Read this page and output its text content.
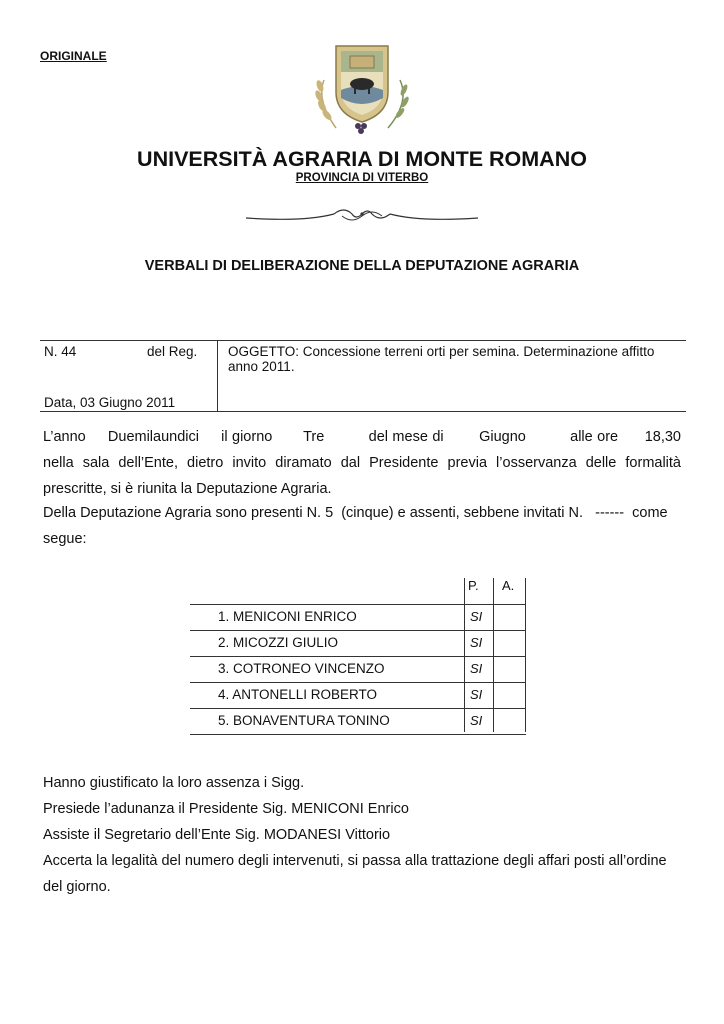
ORIGINALE
UNIVERSITÀ AGRARIA DI MONTE ROMANO
PROVINCIA DI VITERBO
VERBALI DI DELIBERAZIONE DELLA DEPUTAZIONE AGRARIA
N. 44	del Reg.
Data, 03 Giugno 2011
OGGETTO: Concessione terreni orti per semina. Determinazione affitto anno 2011.
L’anno     Duemilaundici     il giorno       Tre          del mese di        Giugno          alle ore      18,30
nella sala dell’Ente, dietro invito diramato dal Presidente previa l’osservanza delle formalità
prescritte, si è riunita la Deputazione Agraria.
Della Deputazione Agraria sono presenti N. 5  (cinque) e assenti, sebbene invitati N.   ------  come
segue:
P. A.
1. MENICONI ENRICO	SI
2. MICOZZI GIULIO	SI
3. COTRONEO VINCENZO	SI
4. ANTONELLI ROBERTO	SI
5. BONAVENTURA TONINO	SI
Hanno giustificato la loro assenza i Sigg.
Presiede l’adunanza il Presidente Sig. MENICONI Enrico
Assiste il Segretario dell’Ente Sig. MODANESI Vittorio
Accerta la legalità del numero degli intervenuti, si passa alla trattazione degli affari posti all’ordine
del giorno.
